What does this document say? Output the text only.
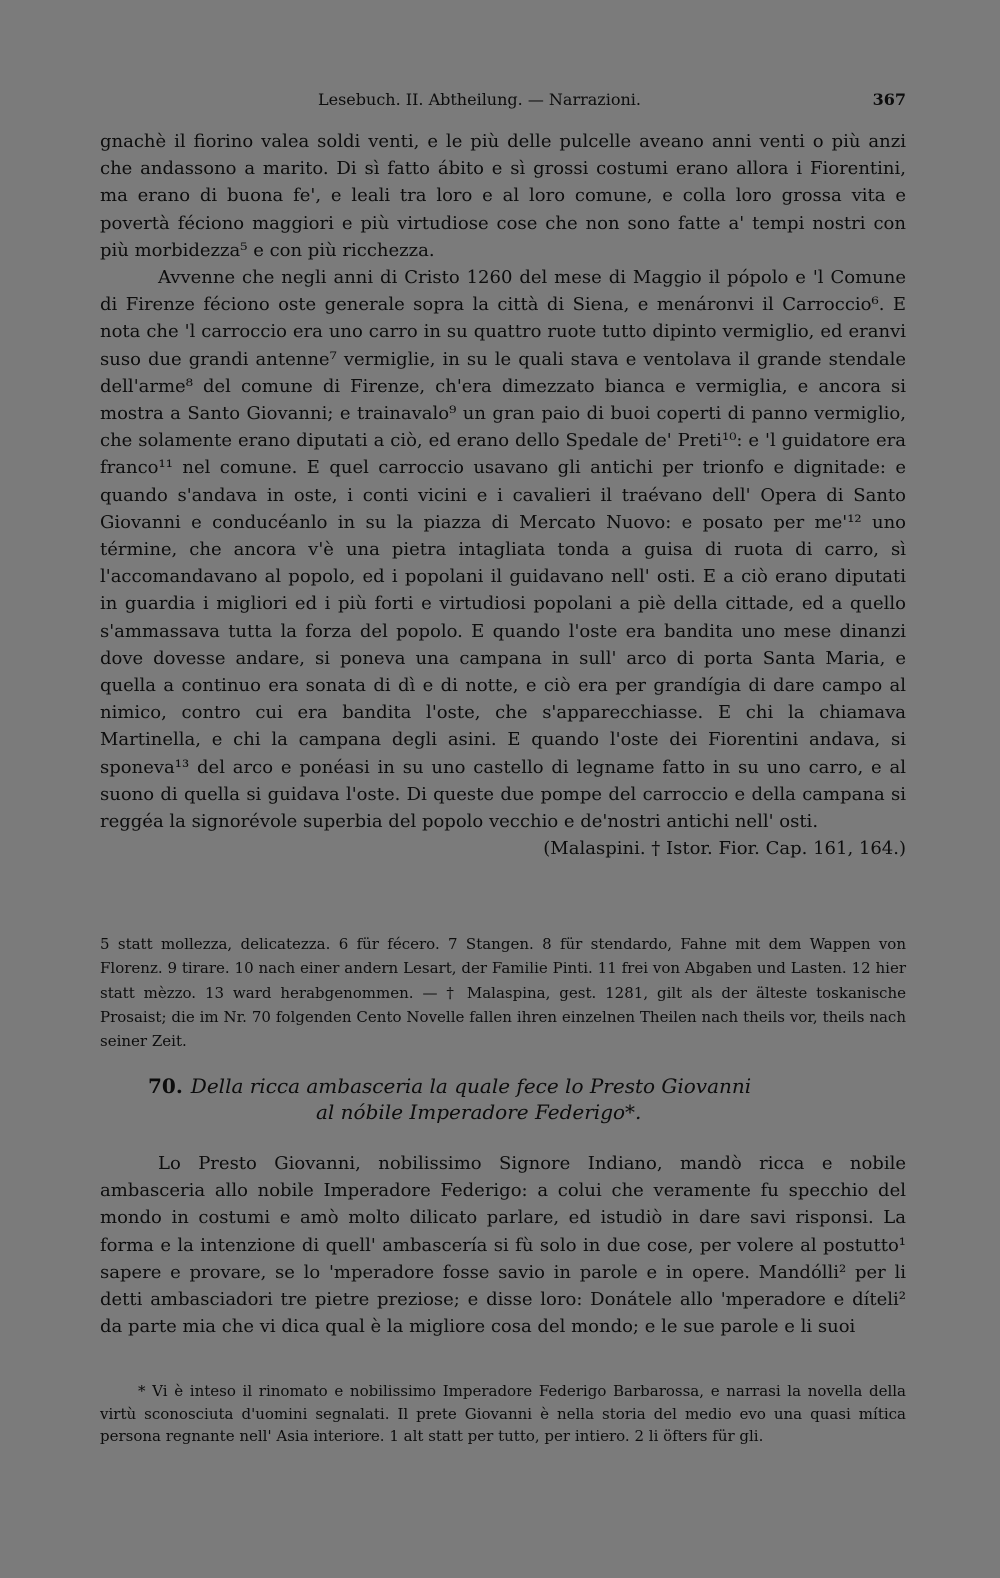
Lesebuch. II. Abtheilung. — Narrazioni.	367

gnachè il fiorino valea soldi venti, e le più delle pulcelle aveano anni venti o più anzi che andassono a marito. Di sì fatto ábito e sì grossi costumi erano allora i Fiorentini, ma erano di buona fe', e leali tra loro e al loro comune, e colla loro grossa vita e povertà féciono maggiori e più virtudiose cose che non sono fatte a' tempi nostri con più morbidezza⁵ e con più ricchezza.

Avvenne che negli anni di Cristo 1260 del mese di Maggio il pópolo e 'l Comune di Firenze féciono oste generale sopra la città di Siena, e menáronvi il Carroccio⁶. E nota che 'l carroccio era uno carro in su quattro ruote tutto dipinto vermiglio, ed eranvi suso due grandi antenne⁷ vermiglie, in su le quali stava e ventolava il grande stendale dell'arme⁸ del comune di Firenze, ch'era dimezzato bianca e vermiglia, e ancora si mostra a Santo Giovanni; e trainavalo⁹ un gran paio di buoi coperti di panno vermiglio, che solamente erano diputati a ciò, ed erano dello Spedale de' Preti¹⁰: e 'l guidatore era franco¹¹ nel comune. E quel carroccio usavano gli antichi per trionfo e dignitade: e quando s'andava in oste, i conti vicini e i cavalieri il traévano dell' Opera di Santo Giovanni e conducéanlo in su la piazza di Mercato Nuovo: e posato per me'¹² uno términe, che ancora v'è una pietra intagliata tonda a guisa di ruota di carro, sì l'accomandavano al popolo, ed i popolani il guidavano nell' osti. E a ciò erano diputati in guardia i migliori ed i più forti e virtudiosi popolani a piè della cittade, ed a quello s'ammassava tutta la forza del popolo. E quando l'oste era bandita uno mese dinanzi dove dovesse andare, si poneva una campana in sull' arco di porta Santa Maria, e quella a continuo era sonata di dì e di notte, e ciò era per grandígia di dare campo al nimico, contro cui era bandita l'oste, che s'apparecchiasse. E chi la chiamava Martinella, e chi la campana degli asini. E quando l'oste dei Fiorentini andava, si sponeva¹³ del arco e ponéasi in su uno castello di legname fatto in su uno carro, e al suono di quella si guidava l'oste. Di queste due pompe del carroccio e della campana si reggéa la signorévole superbia del popolo vecchio e de'nostri antichi nell' osti.

(Malaspini. † Istor. Fior. Cap. 161, 164.)

5 statt mollezza, delicatezza. 6 für fécero. 7 Stangen. 8 für stendardo, Fahne mit dem Wappen von Florenz. 9 tirare. 10 nach einer andern Lesart, der Familie Pinti. 11 frei von Abgaben und Lasten. 12 hier statt mèzzo. 13 ward herabgenommen. — † Malaspina, gest. 1281, gilt als der älteste toskanische Prosaist; die im Nr. 70 folgenden Cento Novelle fallen ihren einzelnen Theilen nach theils vor, theils nach seiner Zeit.

70. Della ricca ambasceria la quale fece lo Presto Giovanni
al nóbile Imperadore Federigo*.

Lo Presto Giovanni, nobilissimo Signore Indiano, mandò ricca e nobile ambasceria allo nobile Imperadore Federigo: a colui che veramente fu specchio del mondo in costumi e amò molto dilicato parlare, ed istudiò in dare savi risponsi. La forma e la intenzione di quell' ambascería si fù solo in due cose, per volere al postutto¹ sapere e provare, se lo 'mperadore fosse savio in parole e in opere. Mandólli² per li detti ambasciadori tre pietre preziose; e disse loro: Donátele allo 'mperadore e díteli² da parte mia che vi dica qual è la migliore cosa del mondo; e le sue parole e li suoi

* Vi è inteso il rinomato e nobilissimo Imperadore Federigo Barbarossa, e narrasi la novella della virtù sconosciuta d'uomini segnalati. Il prete Giovanni è nella storia del medio evo una quasi mítica persona regnante nell' Asia interiore. 1 alt statt per tutto, per intiero. 2 li öfters für gli.
